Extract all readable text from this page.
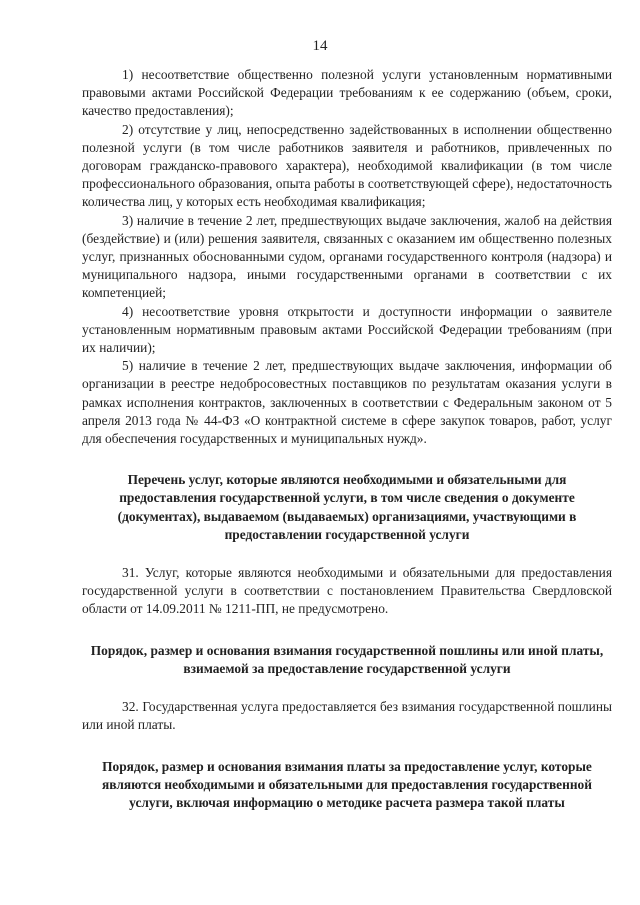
14

1) несоответствие общественно полезной услуги установленным нормативными правовыми актами Российской Федерации требованиям к ее содержанию (объем, сроки, качество предоставления);

2) отсутствие у лиц, непосредственно задействованных в исполнении общественно полезной услуги (в том числе работников заявителя и работников, привлеченных по договорам гражданско-правового характера), необходимой квалификации (в том числе профессионального образования, опыта работы в соответствующей сфере), недостаточность количества лиц, у которых есть необходимая квалификация;

3) наличие в течение 2 лет, предшествующих выдаче заключения, жалоб на действия (бездействие) и (или) решения заявителя, связанных с оказанием им общественно полезных услуг, признанных обоснованными судом, органами государственного контроля (надзора) и муниципального надзора, иными государственными органами в соответствии с их компетенцией;

4) несоответствие уровня открытости и доступности информации о заявителе установленным нормативным правовым актами Российской Федерации требованиям (при их наличии);

5) наличие в течение 2 лет, предшествующих выдаче заключения, информации об организации в реестре недобросовестных поставщиков по результатам оказания услуги в рамках исполнения контрактов, заключенных в соответствии с Федеральным законом от 5 апреля 2013 года № 44-ФЗ «О контрактной системе в сфере закупок товаров, работ, услуг для обеспечения государственных и муниципальных нужд».

Перечень услуг, которые являются необходимыми и обязательными для предоставления государственной услуги, в том числе сведения о документе (документах), выдаваемом (выдаваемых) организациями, участвующими в предоставлении государственной услуги

31. Услуг, которые являются необходимыми и обязательными для предоставления государственной услуги в соответствии с постановлением Правительства Свердловской области от 14.09.2011 № 1211-ПП, не предусмотрено.

Порядок, размер и основания взимания государственной пошлины или иной платы, взимаемой за предоставление государственной услуги

32. Государственная услуга предоставляется без взимания государственной пошлины или иной платы.

Порядок, размер и основания взимания платы за предоставление услуг, которые являются необходимыми и обязательными для предоставления государственной услуги, включая информацию о методике расчета размера такой платы
